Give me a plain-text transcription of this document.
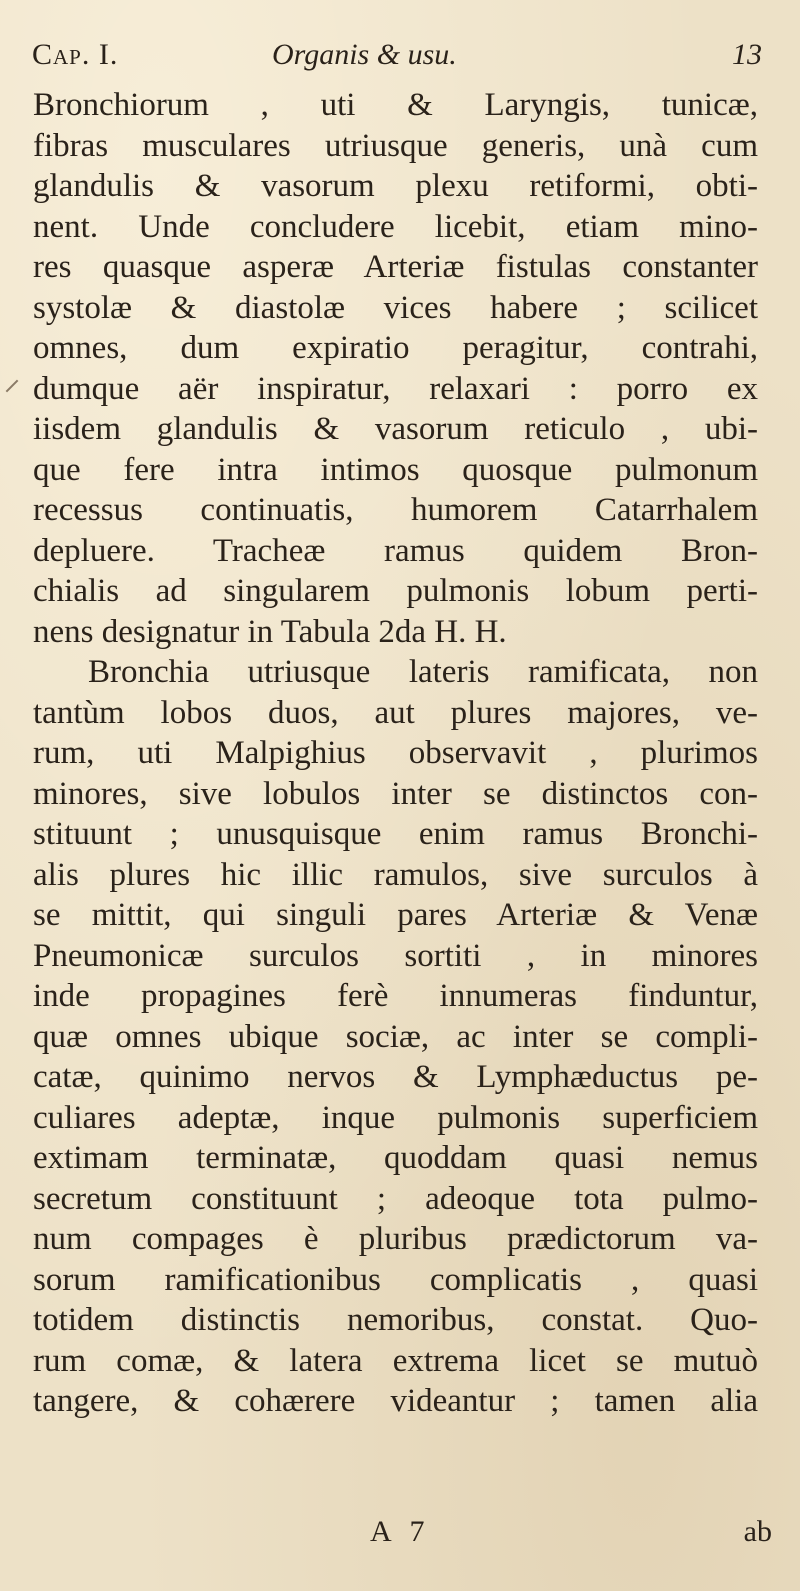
Cap. I.	Organis & usu.	13
Bronchiorum , uti & Laryngis, tunicæ,
fibras musculares utriusque generis, unà cum
glandulis & vasorum plexu retiformi, obti-
nent. Unde concludere licebit, etiam mino-
res quasque asperæ Arteriæ fistulas constanter
systolæ & diastolæ vices habere ; scilicet
omnes, dum expiratio peragitur, contrahi,
dumque aër inspiratur, relaxari : porro ex
iisdem glandulis & vasorum reticulo , ubi-
que fere intra intimos quosque pulmonum
recessus continuatis, humorem Catarrhalem
depluere. Tracheæ ramus quidem Bron-
chialis ad singularem pulmonis lobum perti-
nens designatur in Tabula 2da H. H.
Bronchia utriusque lateris ramificata, non
tantùm lobos duos, aut plures majores, ve-
rum, uti Malpighius observavit , plurimos
minores, sive lobulos inter se distinctos con-
stituunt ; unusquisque enim ramus Bronchi-
alis plures hic illic ramulos, sive surculos à
se mittit, qui singuli pares Arteriæ & Venæ
Pneumonicæ surculos sortiti , in minores
inde propagines ferè innumeras finduntur,
quæ omnes ubique sociæ, ac inter se compli-
catæ, quinimo nervos & Lymphæductus pe-
culiares adeptæ, inque pulmonis superficiem
extimam terminatæ, quoddam quasi nemus
secretum constituunt ; adeoque tota pulmo-
num compages è pluribus prædictorum va-
sorum ramificationibus complicatis , quasi
totidem distinctis nemoribus, constat. Quo-
rum comæ, & latera extrema licet se mutuò
tangere, & cohærere videantur ; tamen alia
A 7	ab
